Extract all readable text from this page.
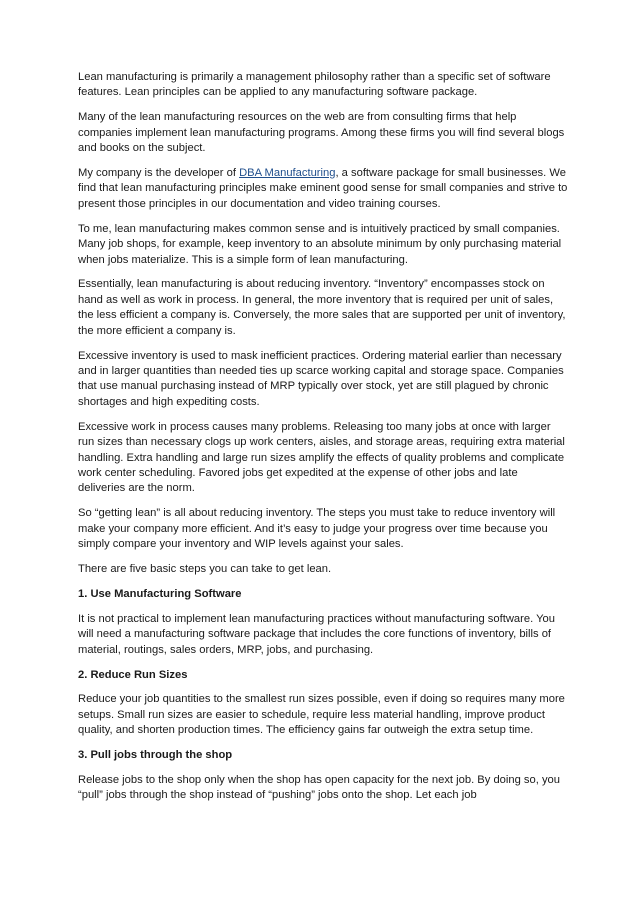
Lean manufacturing is primarily a management philosophy rather than a specific set of software features. Lean principles can be applied to any manufacturing software package.

Many of the lean manufacturing resources on the web are from consulting firms that help companies implement lean manufacturing programs. Among these firms you will find several blogs and books on the subject.

My company is the developer of DBA Manufacturing, a software package for small businesses. We find that lean manufacturing principles make eminent good sense for small companies and strive to present those principles in our documentation and video training courses.

To me, lean manufacturing makes common sense and is intuitively practiced by small companies. Many job shops, for example, keep inventory to an absolute minimum by only purchasing material when jobs materialize. This is a simple form of lean manufacturing.

Essentially, lean manufacturing is about reducing inventory. “Inventory” encompasses stock on hand as well as work in process. In general, the more inventory that is required per unit of sales, the less efficient a company is. Conversely, the more sales that are supported per unit of inventory, the more efficient a company is.

Excessive inventory is used to mask inefficient practices. Ordering material earlier than necessary and in larger quantities than needed ties up scarce working capital and storage space. Companies that use manual purchasing instead of MRP typically over stock, yet are still plagued by chronic shortages and high expediting costs.

Excessive work in process causes many problems. Releasing too many jobs at once with larger run sizes than necessary clogs up work centers, aisles, and storage areas, requiring extra material handling. Extra handling and large run sizes amplify the effects of quality problems and complicate work center scheduling. Favored jobs get expedited at the expense of other jobs and late deliveries are the norm.

So “getting lean” is all about reducing inventory. The steps you must take to reduce inventory will make your company more efficient. And it’s easy to judge your progress over time because you simply compare your inventory and WIP levels against your sales.

There are five basic steps you can take to get lean.

1. Use Manufacturing Software

It is not practical to implement lean manufacturing practices without manufacturing software. You will need a manufacturing software package that includes the core functions of inventory, bills of material, routings, sales orders, MRP, jobs, and purchasing.

2. Reduce Run Sizes

Reduce your job quantities to the smallest run sizes possible, even if doing so requires many more setups. Small run sizes are easier to schedule, require less material handling, improve product quality, and shorten production times. The efficiency gains far outweigh the extra setup time.

3. Pull jobs through the shop

Release jobs to the shop only when the shop has open capacity for the next job. By doing so, you “pull” jobs through the shop instead of “pushing” jobs onto the shop. Let each job
